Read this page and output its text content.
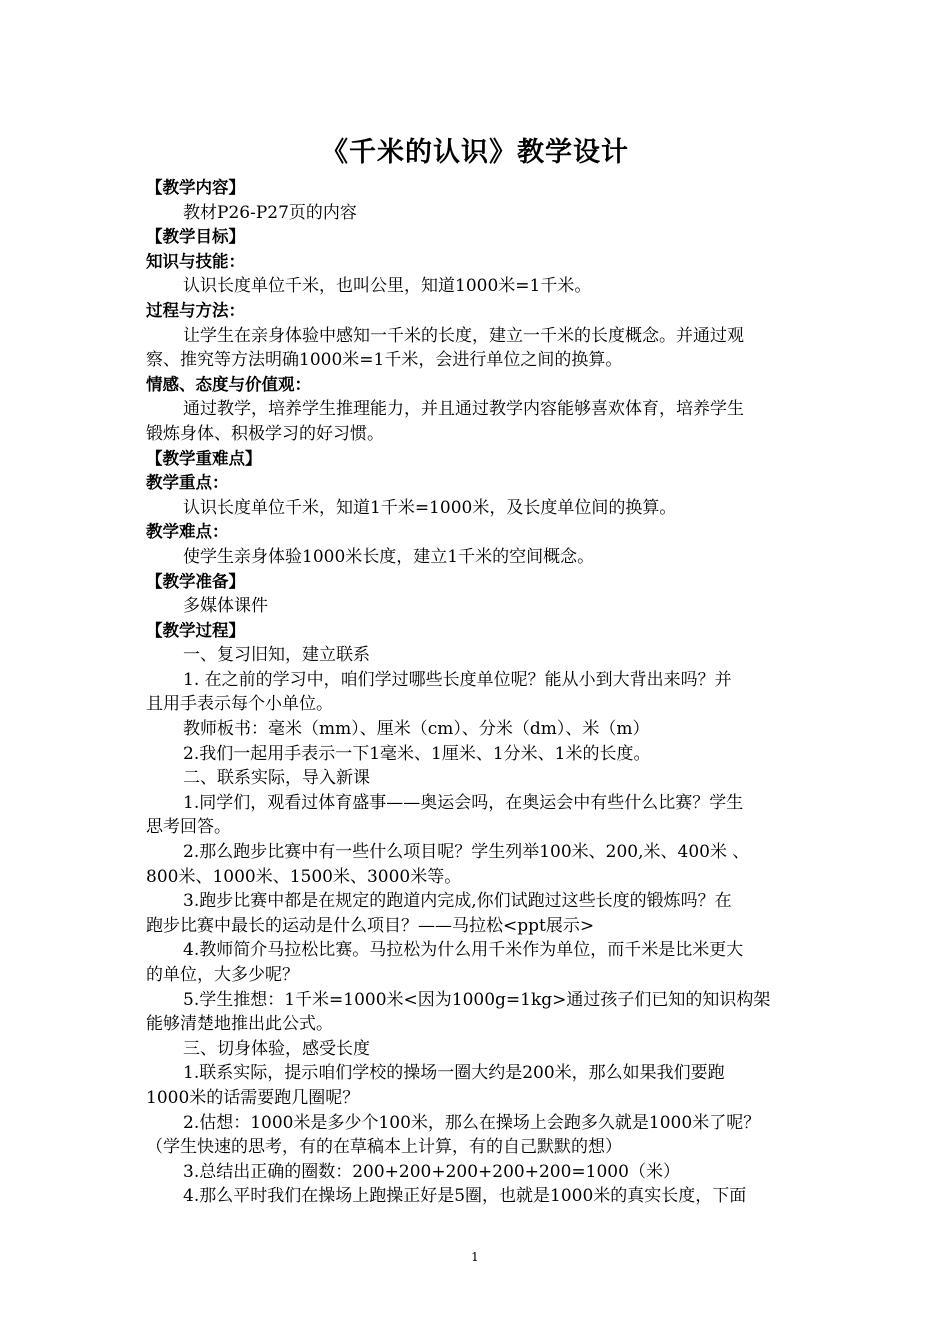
《千米的认识》教学设计
【教学内容】
教材P26-P27页的内容
【教学目标】
知识与技能：
认识长度单位千米，也叫公里，知道1000米=1千米。
过程与方法：
让学生在亲身体验中感知一千米的长度，建立一千米的长度概念。并通过观
察、推究等方法明确1000米=1千米，会进行单位之间的换算。
情感、态度与价值观：
通过教学，培养学生推理能力，并且通过教学内容能够喜欢体育，培养学生
锻炼身体、积极学习的好习惯。
【教学重难点】
教学重点：
认识长度单位千米，知道1千米=1000米，及长度单位间的换算。
教学难点：
使学生亲身体验1000米长度，建立1千米的空间概念。
【教学准备】
多媒体课件
【教学过程】
一、复习旧知，建立联系
1. 在之前的学习中，咱们学过哪些长度单位呢？能从小到大背出来吗？并
且用手表示每个小单位。
教师板书：毫米（mm）、厘米（cm）、分米（dm）、米（m）
2.我们一起用手表示一下1毫米、1厘米、1分米、1米的长度。
二、联系实际，导入新课
1.同学们，观看过体育盛事——奥运会吗，在奥运会中有些什么比赛？学生
思考回答。
2.那么跑步比赛中有一些什么项目呢？学生列举100米、200,米、400米 、
800米、1000米、1500米、3000米等。
3.跑步比赛中都是在规定的跑道内完成,你们试跑过这些长度的锻炼吗？在
跑步比赛中最长的运动是什么项目？——马拉松<ppt展示>
4.教师简介马拉松比赛。马拉松为什么用千米作为单位，而千米是比米更大
的单位，大多少呢？
5.学生推想：1千米=1000米<因为1000g=1kg>通过孩子们已知的知识构架
能够清楚地推出此公式。
三、切身体验，感受长度
1.联系实际，提示咱们学校的操场一圈大约是200米，那么如果我们要跑
1000米的话需要跑几圈呢？
2.估想：1000米是多少个100米，那么在操场上会跑多久就是1000米了呢？
（学生快速的思考，有的在草稿本上计算，有的自己默默的想）
3.总结出正确的圈数：200+200+200+200+200=1000（米）
4.那么平时我们在操场上跑操正好是5圈，也就是1000米的真实长度，下面
1
